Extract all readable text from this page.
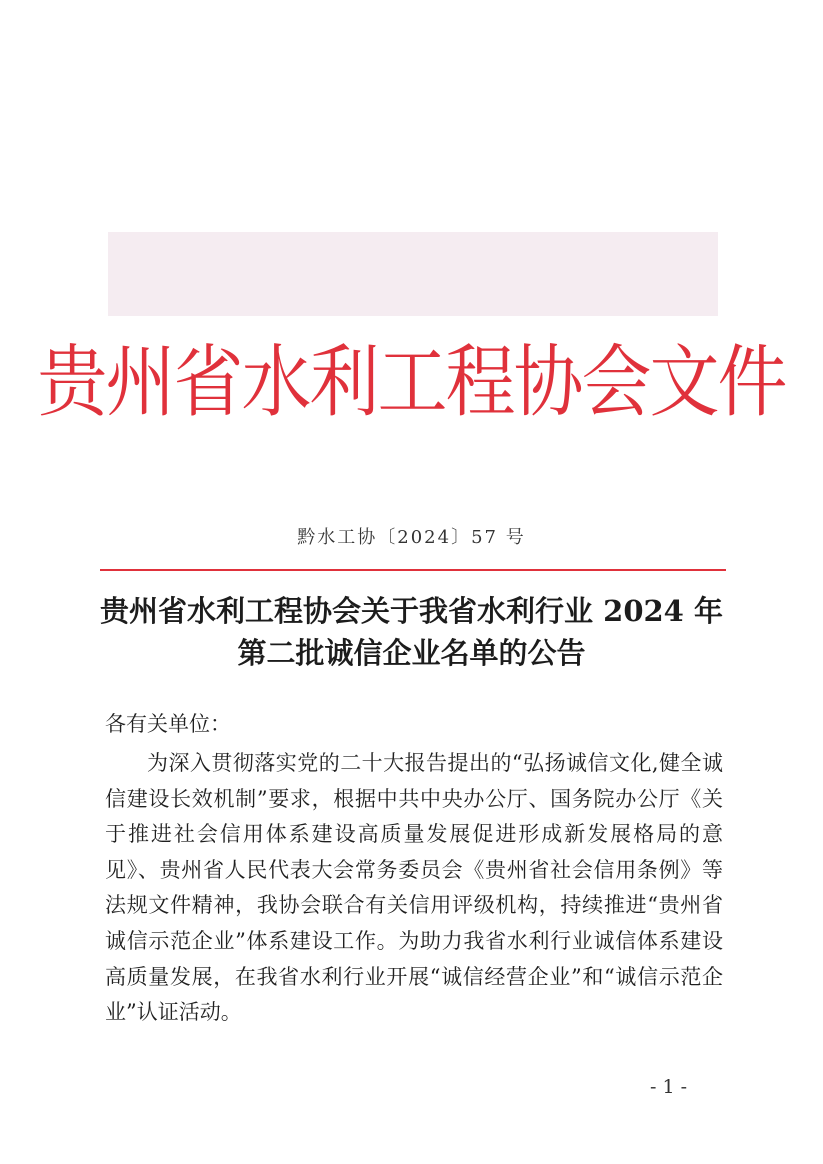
贵州省水利工程协会文件
黔水工协〔2024〕57 号
贵州省水利工程协会关于我省水利行业 2024 年
第二批诚信企业名单的公告
各有关单位：

为深入贯彻落实党的二十大报告提出的“弘扬诚信文化,健全诚信建设长效机制”要求，根据中共中央办公厅、国务院办公厅《关于推进社会信用体系建设高质量发展促进形成新发展格局的意见》、贵州省人民代表大会常务委员会《贵州省社会信用条例》等法规文件精神，我协会联合有关信用评级机构，持续推进“贵州省诚信示范企业”体系建设工作。为助力我省水利行业诚信体系建设高质量发展，在我省水利行业开展“诚信经营企业”和“诚信示范企业”认证活动。

- 1 -
